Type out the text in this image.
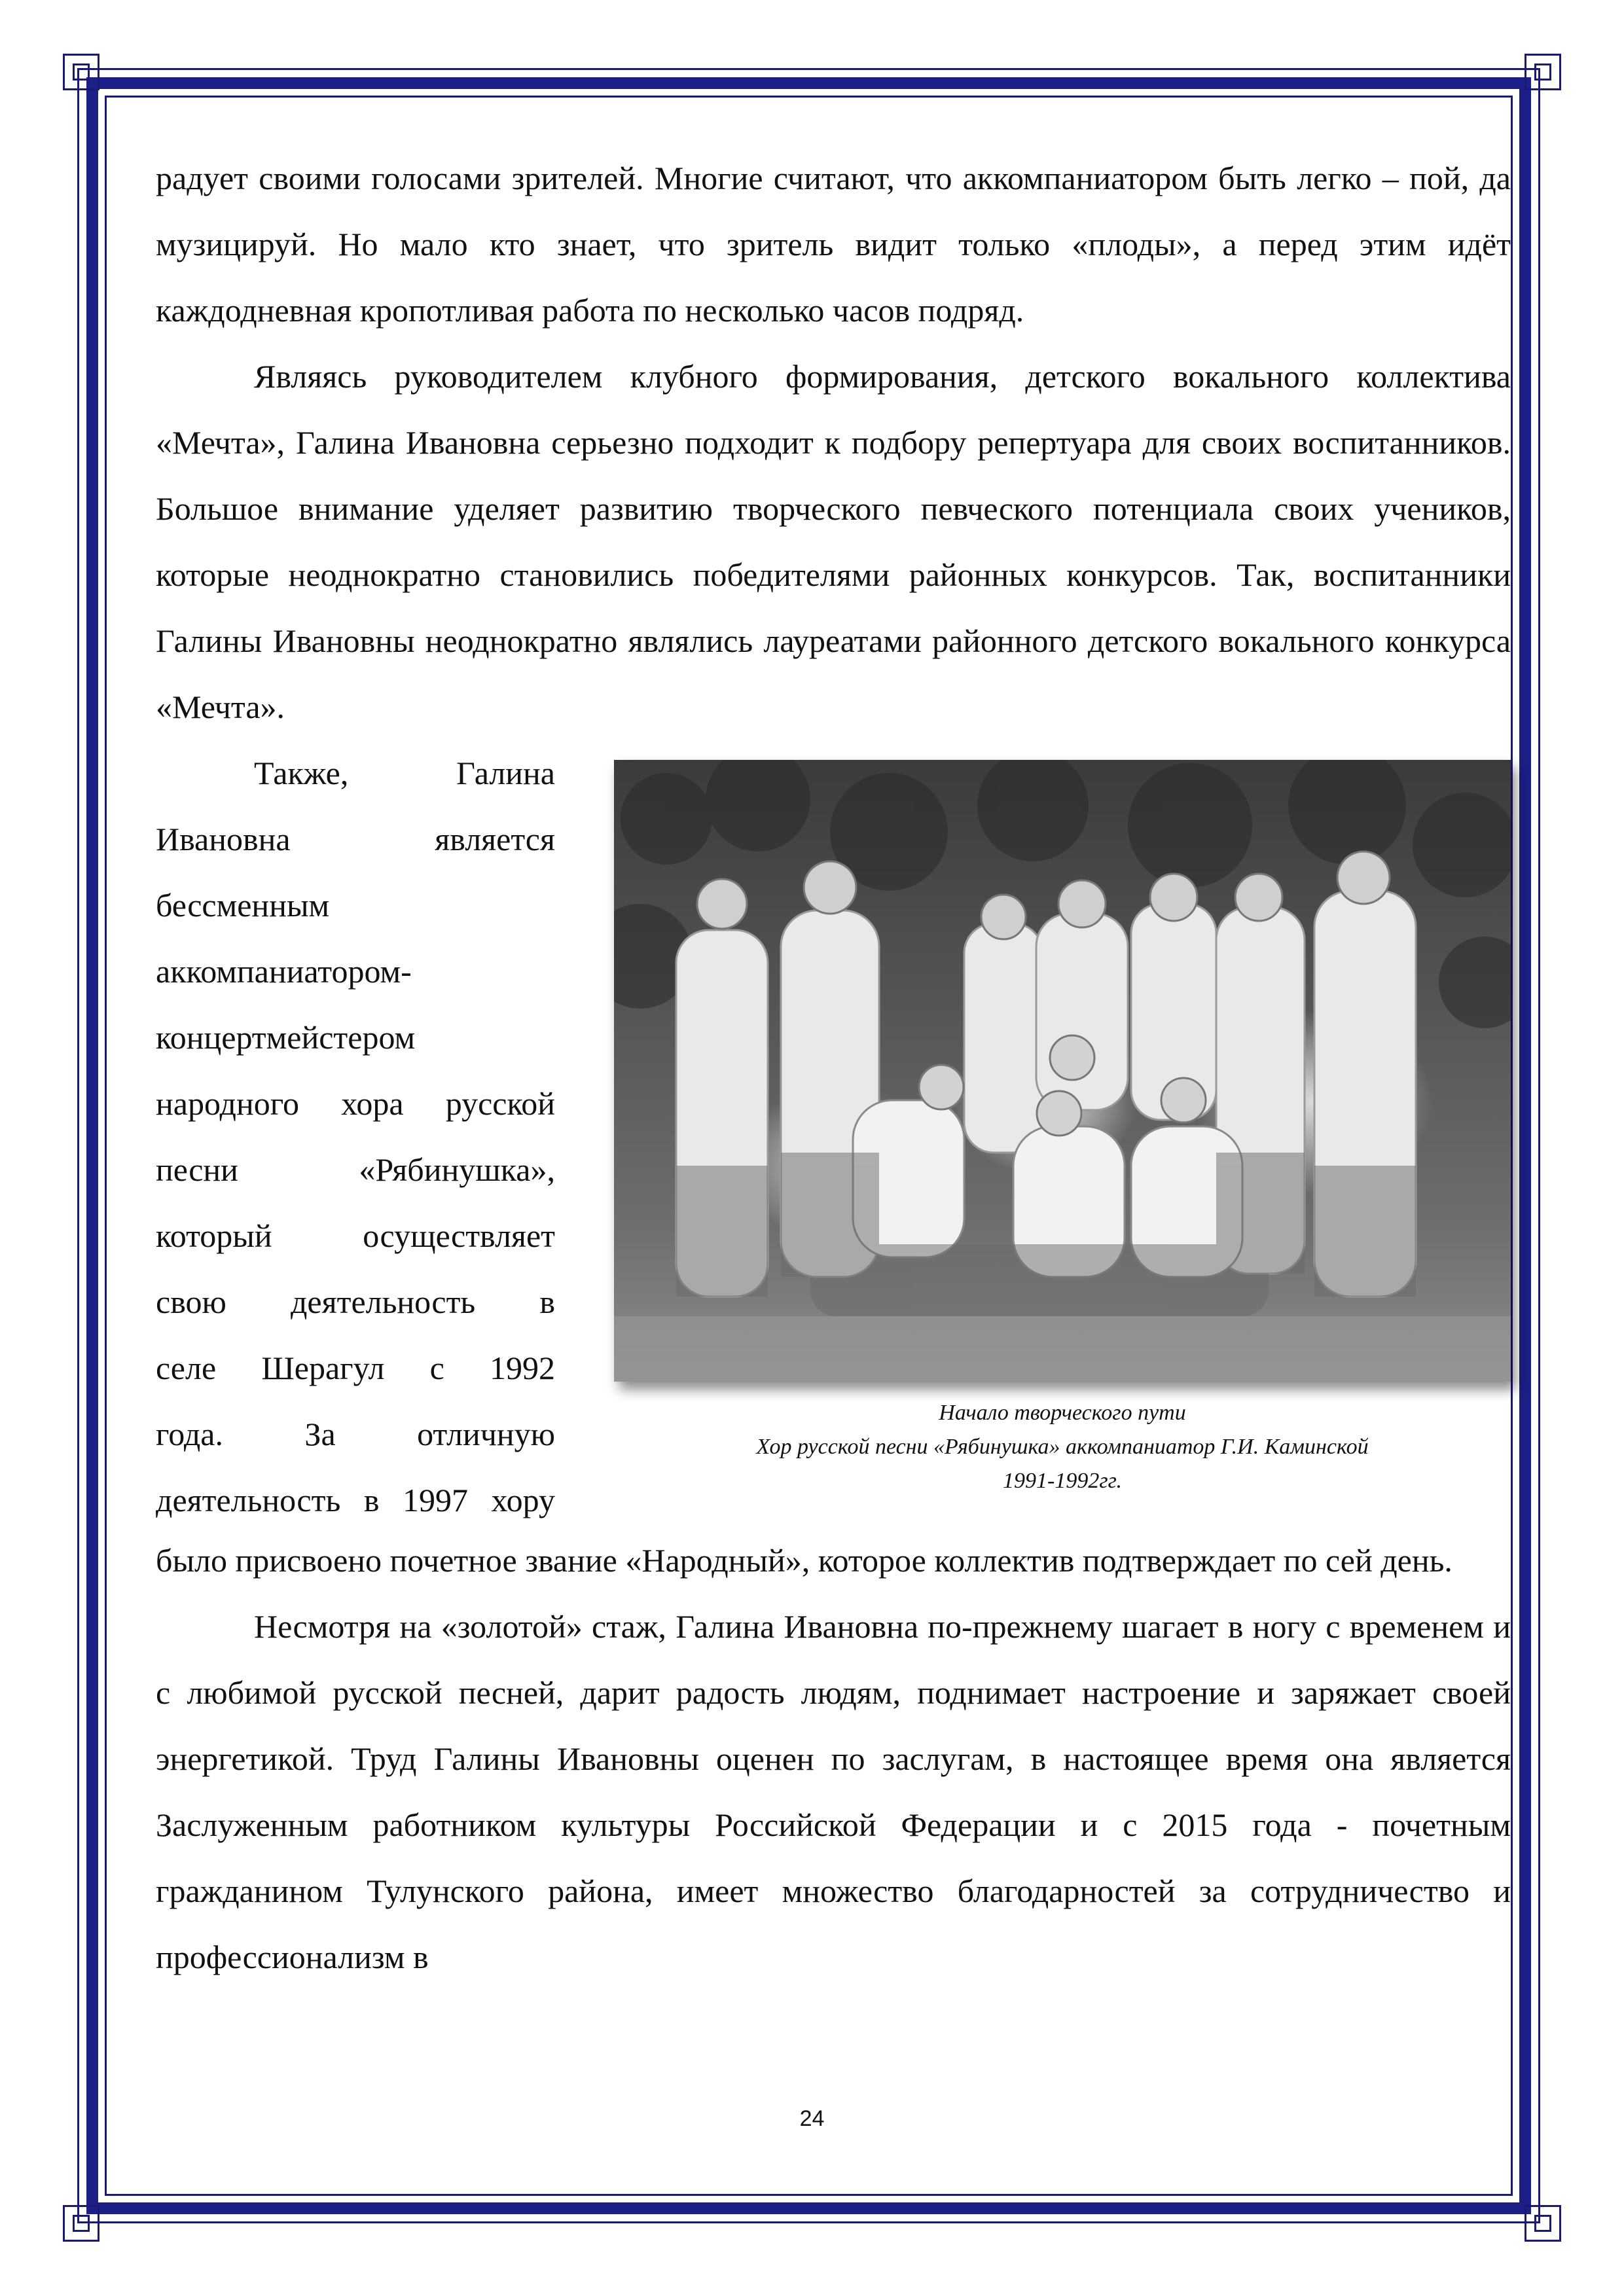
радует своими голосами зрителей. Многие считают, что аккомпаниатором быть легко – пой, да музицируй. Но мало кто знает, что зритель видит только «плоды», а перед этим идёт каждодневная кропотливая работа по несколько часов подряд.

Являясь руководителем клубного формирования, детского вокального коллектива «Мечта», Галина Ивановна серьезно подходит к подбору репертуара для своих воспитанников. Большое внимание уделяет развитию творческого певческого потенциала своих учеников, которые неоднократно становились победителями районных конкурсов. Так, воспитанники Галины Ивановны неоднократно являлись лауреатами районного детского вокального конкурса «Мечта».

Также, Галина

Ивановна является

бессменным

аккомпаниатором-

концертмейстером

народного хора русской

песни «Рябинушка»,

который осуществляет

свою деятельность в

селе Шерагул с 1992

года. За отличную

деятельность в 1997 хору

Начало творческого пути
Хор русской песни «Рябинушка» аккомпаниатор Г.И. Каминской
1991-1992гг.

было присвоено почетное звание «Народный», которое коллектив подтверждает по сей день.

Несмотря на «золотой» стаж, Галина Ивановна по-прежнему шагает в ногу с временем и с любимой русской песней, дарит радость людям, поднимает настроение и заряжает своей энергетикой. Труд Галины Ивановны оценен по заслугам, в настоящее время она является Заслуженным работником культуры Российской Федерации и с 2015 года - почетным гражданином Тулунского района, имеет множество благодарностей за сотрудничество и профессионализм в

24
